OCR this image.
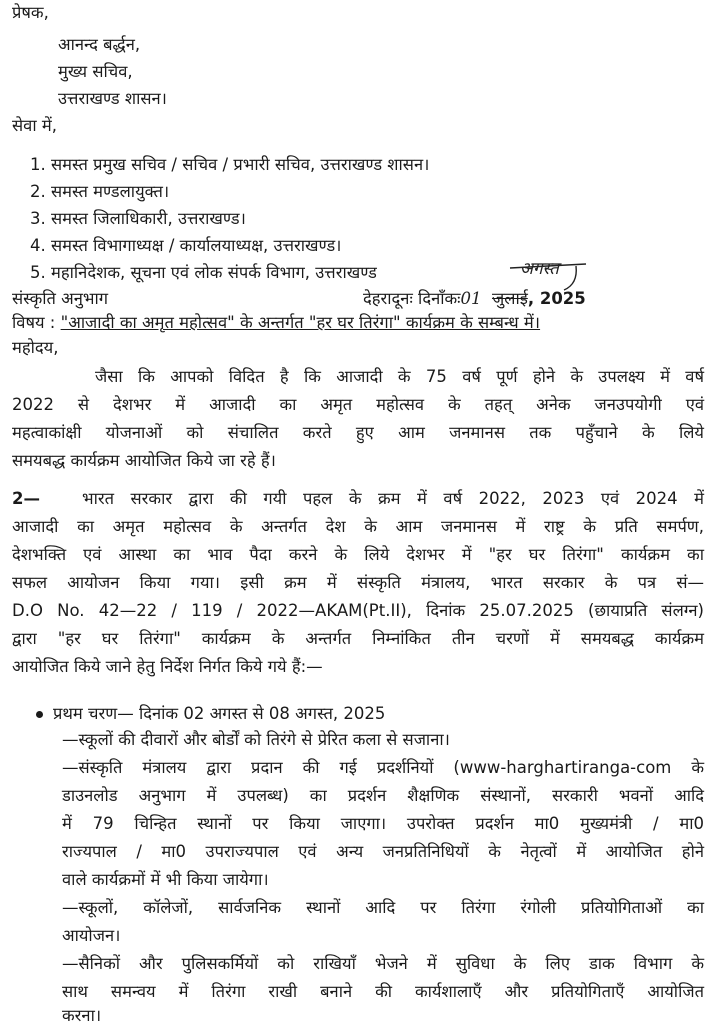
प्रेषक,
आनन्द बर्द्धन,
मुख्य सचिव,
उत्तराखण्ड शासन।
सेवा में,
1. समस्त प्रमुख सचिव / सचिव / प्रभारी सचिव, उत्तराखण्ड शासन।
2. समस्त मण्डलायुक्त।
3. समस्त जिलाधिकारी, उत्तराखण्ड।
4. समस्त विभागाध्यक्ष / कार्यालयाध्यक्ष, उत्तराखण्ड।
5. महानिदेशक, सूचना एवं लोक संपर्क विभाग, उत्तराखण्ड	अगस्त
संस्कृति अनुभाग	देहरादूनः दिनाँकः01 जुलाई, 2025
विषय : "आजादी का अमृत महोत्सव" के अन्तर्गत "हर घर तिरंगा" कार्यक्रम के सम्बन्ध में।
महोदय,
जैसा कि आपको विदित है कि आजादी के 75 वर्ष पूर्ण होने के उपलक्ष्य में वर्ष
2022 से देशभर में आजादी का अमृत महोत्सव के तहत् अनेक जनउपयोगी एवं
महत्वाकांक्षी योजनाओं को संचालित करते हुए आम जनमानस तक पहुँचाने के लिये
समयबद्ध कार्यक्रम आयोजित किये जा रहे हैं।
2—	भारत सरकार द्वारा की गयी पहल के क्रम में वर्ष 2022, 2023 एवं 2024 में
आजादी का अमृत महोत्सव के अन्तर्गत देश के आम जनमानस में राष्ट्र के प्रति समर्पण,
देशभक्ति एवं आस्था का भाव पैदा करने के लिये देशभर में "हर घर तिरंगा" कार्यक्रम का
सफल आयोजन किया गया। इसी क्रम में संस्कृति मंत्रालय, भारत सरकार के पत्र सं—
D.O No. 42—22 / 119 / 2022—AKAM(Pt.II), दिनांक 25.07.2025 (छायाप्रति संलग्न)
द्वारा "हर घर तिरंगा" कार्यक्रम के अन्तर्गत निम्नांकित तीन चरणों में समयबद्ध कार्यक्रम
आयोजित किये जाने हेतु निर्देश निर्गत किये गये हैं:—
प्रथम चरण— दिनांक 02 अगस्त से 08 अगस्त, 2025
—स्कूलों की दीवारों और बोर्डों को तिरंगे से प्रेरित कला से सजाना।
—संस्कृति मंत्रालय द्वारा प्रदान की गई प्रदर्शनियों (www-harghartiranga-com के
डाउनलोड अनुभाग में उपलब्ध) का प्रदर्शन शैक्षणिक संस्थानों, सरकारी भवनों आदि
में 79 चिन्हित स्थानों पर किया जाएगा। उपरोक्त प्रदर्शन मा0 मुख्यमंत्री / मा0
राज्यपाल / मा0 उपराज्यपाल एवं अन्य जनप्रतिनिधियों के नेतृत्वों में आयोजित होने
वाले कार्यक्रमों में भी किया जायेगा।
—स्कूलों, कॉलेजों, सार्वजनिक स्थानों आदि पर तिरंगा रंगोली प्रतियोगिताओं का
आयोजन।
—सैनिकों और पुलिसकर्मियों को राखियाँ भेजने में सुविधा के लिए डाक विभाग के
साथ समन्वय में तिरंगा राखी बनाने की कार्यशालाएँ और प्रतियोगिताएँ आयोजित
करना।
